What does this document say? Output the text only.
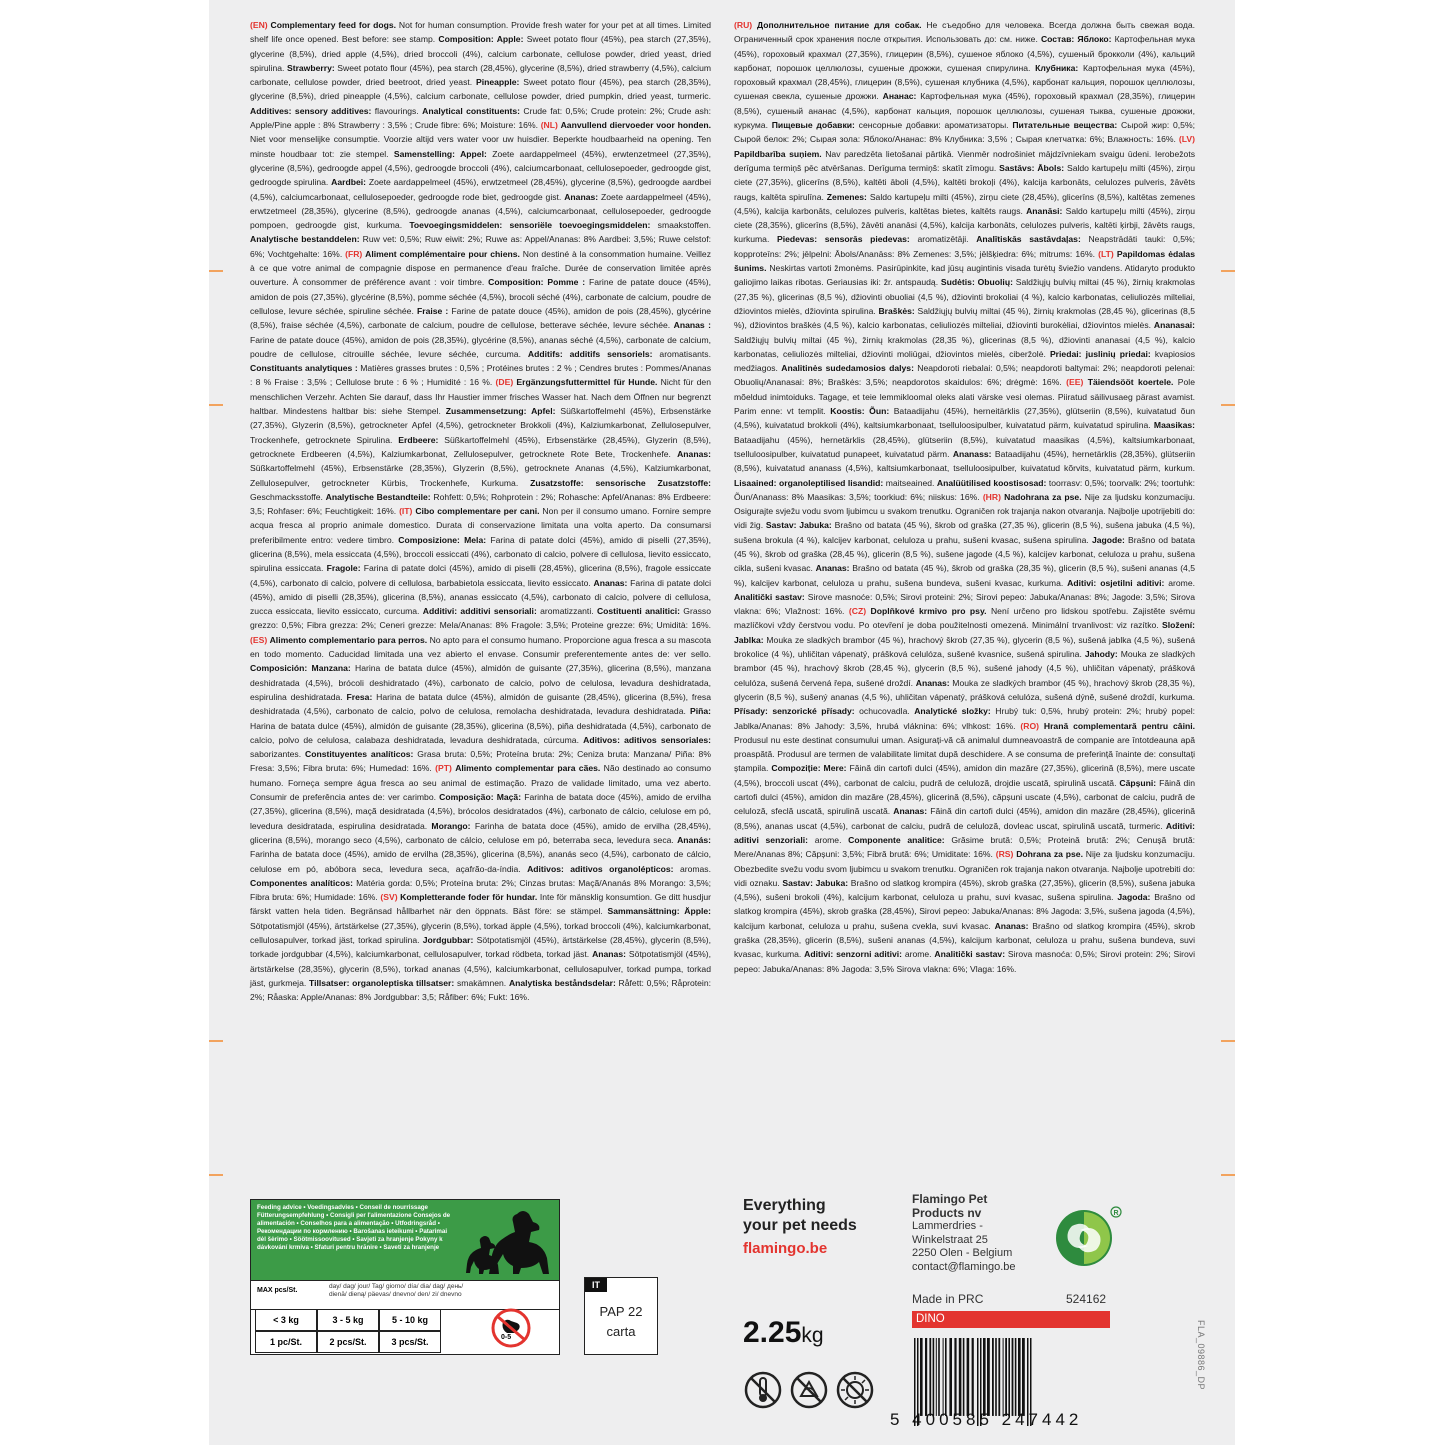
(EN) Complementary feed for dogs. Not for human consumption. Provide fresh water for your pet at all times. Limited shelf life once opened. Best before: see stamp. Composition: Apple: Sweet potato flour (45%), pea starch (27,35%), glycerine (8,5%), dried apple (4,5%), dried broccoli (4%), calcium carbonate, cellulose powder, dried yeast, dried spirulina. Strawberry: Sweet potato flour (45%), pea starch (28,45%), glycerine (8,5%), dried strawberry (4,5%), calcium carbonate, cellulose powder, dried beetroot, dried yeast. Pineapple: Sweet potato flour (45%), pea starch (28,35%), glycerine (8,5%), dried pineapple (4,5%), calcium carbonate, cellulose powder, dried pumpkin, dried yeast, turmeric. Additives: sensory additives: flavourings. Analytical constituents: Crude fat: 0,5%; Crude protein: 2%; Crude ash: Apple/Pine apple : 8% Strawberry : 3,5% ; Crude fibre: 6%; Moisture: 16%. (NL) Aanvullend diervoeder voor honden. Niet voor menselijke consumptie. Voorzie altijd vers water voor uw huisdier. Beperkte houdbaarheid na opening. Ten minste houdbaar tot: zie stempel. Samenstelling: Appel: Zoete aardappelmeel (45%), erwtenzetmeel (27,35%), glycerine (8,5%), gedroogde appel (4,5%), gedroogde broccoli (4%), calciumcarbonaat, cellulosepoeder, gedroogde gist, gedroogde spirulina. Aardbei: Zoete aardappelmeel (45%), erwtzetmeel (28,45%), glycerine (8,5%), gedroogde aardbei (4,5%), calciumcarbonaat, cellulosepoeder, gedroogde rode biet, gedroogde gist. Ananas: Zoete aardappelmeel (45%), erwtzetmeel (28,35%), glycerine (8,5%), gedroogde ananas (4,5%), calciumcarbonaat, cellulosepoeder, gedroogde pompoen, gedroogde gist, kurkuma. Toevoegingsmiddelen: sensoriële toevoegingsmiddelen: smaakstoffen. Analytische bestanddelen: Ruw vet: 0,5%; Ruw eiwit: 2%; Ruwe as: Appel/Ananas: 8% Aardbei: 3,5%; Ruwe celstof: 6%; Vochtgehalte: 16%. (FR) Aliment complémentaire pour chiens. Non destiné à la consommation humaine. Veillez à ce que votre animal de compagnie dispose en permanence d'eau fraîche. Durée de conservation limitée après ouverture. À consommer de préférence avant : voir timbre. Composition: Pomme : Farine de patate douce (45%), amidon de pois (27,35%), glycérine (8,5%), pomme séchée (4,5%), brocoli séché (4%), carbonate de calcium, poudre de cellulose, levure séchée, spiruline séchée. Fraise : Farine de patate douce (45%), amidon de pois (28,45%), glycérine (8,5%), fraise séchée (4,5%), carbonate de calcium, poudre de cellulose, betterave séchée, levure séchée. Ananas : Farine de patate douce (45%), amidon de pois (28,35%), glycérine (8,5%), ananas séché (4,5%), carbonate de calcium, poudre de cellulose, citrouille séchée, levure séchée, curcuma. Additifs: additifs sensoriels: aromatisants. Constituants analytiques : Matières grasses brutes : 0,5% ; Protéines brutes : 2 % ; Cendres brutes : Pommes/Ananas : 8 % Fraise : 3,5% ; Cellulose brute : 6 % ; Humidité : 16 %. (DE) Ergänzungsfuttermittel für Hunde. Nicht für den menschlichen Verzehr. Achten Sie darauf, dass Ihr Haustier immer frisches Wasser hat. Nach dem Öffnen nur begrenzt haltbar. Mindestens haltbar bis: siehe Stempel. Zusammensetzung: Apfel: Süßkartoffelmehl (45%), Erbsenstärke (27,35%), Glyzerin (8,5%), getrockneter Apfel (4,5%), getrockneter Brokkoli (4%), Kalziumkarbonat, Zellulosepulver, Trockenhefe, getrocknete Spirulina. Erdbeere: Süßkartoffelmehl (45%), Erbsenstärke (28,45%), Glyzerin (8,5%), getrocknete Erdbeeren (4,5%), Kalziumkarbonat, Zellulosepulver, getrocknete Rote Bete, Trockenhefe. Ananas: Süßkartoffelmehl (45%), Erbsenstärke (28,35%), Glyzerin (8,5%), getrocknete Ananas (4,5%), Kalziumkarbonat, Zellulosepulver, getrockneter Kürbis, Trockenhefe, Kurkuma. Zusatzstoffe: sensorische Zusatzstoffe: Geschmacksstoffe. Analytische Bestandteile: Rohfett: 0,5%; Rohprotein : 2%; Rohasche: Apfel/Ananas: 8% Erdbeere: 3,5; Rohfaser: 6%; Feuchtigkeit: 16%. (IT) Cibo complementare per cani. Non per il consumo umano. Fornire sempre acqua fresca al proprio animale domestico. Durata di conservazione limitata una volta aperto. Da consumarsi preferibilmente entro: vedere timbro. Composizione: Mela: Farina di patate dolci (45%), amido di piselli (27,35%), glicerina (8,5%), mela essiccata (4,5%), broccoli essiccati (4%), carbonato di calcio, polvere di cellulosa, lievito essiccato, spirulina essiccata. Fragole: Farina di patate dolci (45%), amido di piselli (28,45%), glicerina (8,5%), fragole essiccate (4,5%), carbonato di calcio, polvere di cellulosa, barbabietola essiccata, lievito essiccato. Ananas: Farina di patate dolci (45%), amido di piselli (28,35%), glicerina (8,5%), ananas essiccato (4,5%), carbonato di calcio, polvere di cellulosa, zucca essiccata, lievito essiccato, curcuma. Additivi: additivi sensoriali: aromatizzanti. Costituenti analitici: Grasso grezzo: 0,5%; Fibra grezza: 2%; Ceneri grezze: Mela/Ananas: 8% Fragole: 3,5%; Proteine grezze: 6%; Umidità: 16%. (ES) Alimento complementario para perros. No apto para el consumo humano. Proporcione agua fresca a su mascota en todo momento. Caducidad limitada una vez abierto el envase. Consumir preferentemente antes de: ver sello. Composición: Manzana: Harina de batata dulce (45%), almidón de guisante (27,35%), glicerina (8,5%), manzana deshidratada (4,5%), brócoli deshidratado (4%), carbonato de calcio, polvo de celulosa, levadura deshidratada, espirulina deshidratada. Fresa: Harina de batata dulce (45%), almidón de guisante (28,45%), glicerina (8,5%), fresa deshidratada (4,5%), carbonato de calcio, polvo de celulosa, remolacha deshidratada, levadura deshidratada. Piña: Harina de batata dulce (45%), almidón de guisante (28,35%), glicerina (8,5%), piña deshidratada (4,5%), carbonato de calcio, polvo de celulosa, calabaza deshidratada, levadura deshidratada, cúrcuma. Aditivos: aditivos sensoriales: saborizantes. Constituyentes analíticos: Grasa bruta: 0,5%; Proteína bruta: 2%; Ceniza bruta: Manzana/ Piña: 8% Fresa: 3,5%; Fibra bruta: 6%; Humedad: 16%. (PT) Alimento complementar para cães. Não destinado ao consumo humano. Forneça sempre água fresca ao seu animal de estimação. Prazo de validade limitado, uma vez aberto. Consumir de preferência antes de: ver carimbo. Composição: Maçã: Farinha de batata doce (45%), amido de ervilha (27,35%), glicerina (8,5%), maçã desidratada (4,5%), brócolos desidratados (4%), carbonato de cálcio, celulose em pó, levedura desidratada, espirulina desidratada. Morango: Farinha de batata doce (45%), amido de ervilha (28,45%), glicerina (8,5%), morango seco (4,5%), carbonato de cálcio, celulose em pó, beterraba seca, levedura seca. Ananás: Farinha de batata doce (45%), amido de ervilha (28,35%), glicerina (8,5%), ananás seco (4,5%), carbonato de cálcio, celulose em pó, abóbora seca, levedura seca, açafrão-da-índia. Aditivos: aditivos organolépticos: aromas. Componentes analíticos: Matéria gorda: 0,5%; Proteína bruta: 2%; Cinzas brutas: Maçã/Ananás 8% Morango: 3,5%; Fibra bruta: 6%; Humidade: 16%. (SV) Kompletterande foder för hundar. Inte för mänsklig konsumtion. Ge ditt husdjur färskt vatten hela tiden. Begränsad hållbarhet när den öppnats. Bäst före: se stämpel. Sammansättning: Äpple: Sötpotatismjöl (45%), ärtstärkelse (27,35%), glycerin (8,5%), torkad äpple (4,5%), torkad broccoli (4%), kalciumkarbonat, cellulosapulver, torkad jäst, torkad spirulina. Jordgubbar: Sötpotatismjöl (45%), ärtstärkelse (28,45%), glycerin (8,5%), torkade jordgubbar (4,5%), kalciumkarbonat, cellulosapulver, torkad rödbeta, torkad jäst. Ananas: Sötpotatismjöl (45%), ärtstärkelse (28,35%), glycerin (8,5%), torkad ananas (4,5%), kalciumkarbonat, cellulosapulver, torkad pumpa, torkad jäst, gurkmeja. Tillsatser: organoleptiska tillsatser: smakämnen. Analytiska beståndsdelar: Råfett: 0,5%; Råprotein: 2%; Råaska: Apple/Ananas: 8% Jordgubbar: 3,5; Råfiber: 6%; Fukt: 16%.

(RU) Дополнительное питание для собак. Не съедобно для человека. Всегда должна быть свежая вода. Ограниченный срок хранения после открытия. Использовать до: см. ниже. Состав: Яблоко: Картофельная мука (45%), гороховый крахмал (27,35%), глицерин (8,5%), сушеное яблоко (4,5%), сушеный брокколи (4%), кальций карбонат, порошок целлюлозы, сушеные дрожжи, сушеная спирулина. Клубника: Картофельная мука (45%), гороховый крахмал (28,45%), глицерин (8,5%), сушеная клубника (4,5%), карбонат кальция, порошок целлюлозы, сушеная свекла, сушеные дрожжи. Ананас: Картофельная мука (45%), гороховый крахмал (28,35%), глицерин (8,5%), сушеный ананас (4,5%), карбонат кальция, порошок целлюлозы, сушеная тыква, сушеные дрожжи, куркума. Пищевые добавки: сенсорные добавки: ароматизаторы. Питательные вещества: Сырой жир: 0,5%; Сырой белок: 2%; Сырая зола: Яблоко/Ананас: 8% Клубника: 3,5% ; Сырая клетчатка: 6%; Влажность: 16%. (LV) Papildbarība suņiem. Nav paredzēta lietošanai pārtikā. Vienmēr nodrošiniet mājdzīvniekam svaigu ūdeni. Ierobežots derīguma termiņš pēc atvēršanas. Derīguma termiņš: skatīt zīmogu. Sastāvs: Ābols: Saldo kartupeļu milti (45%), zirņu ciete (27,35%), glicerīns (8,5%), kaltēti āboli (4,5%), kaltēti brokoļi (4%), kalcija karbonāts, celulozes pulveris, žāvēts raugs, kaltēta spirulīna. Zemenes: Saldo kartupeļu milti (45%), zirņu ciete (28,45%), glicerīns (8,5%), kaltētas zemenes (4,5%), kalcija karbonāts, celulozes pulveris, kaltētas bietes, kaltēts raugs. Ananāsi: Saldo kartupeļu milti (45%), zirņu ciete (28,35%), glicerīns (8,5%), žāvēti ananāsi (4,5%), kalcija karbonāts, celulozes pulveris, kaltēti ķirbji, žāvēts raugs, kurkuma. Piedevas: sensorās piedevas: aromatizētāji. Analītiskās sastāvdaļas: Neapstrādāti tauki: 0,5%; kopproteīns: 2%; jēlpelni: Ābols/Ananāss: 8% Zemenes: 3,5%; jēlšķiedra: 6%; mitrums: 16%. (LT) Papildomas ėdalas šunims. Neskirtas vartoti žmonėms. Pasirūpinkite, kad jūsų augintinis visada turėtų šviežio vandens. Atidaryto produkto galiojimo laikas ribotas. Geriausias iki: žr. antspaudą. Sudėtis: Obuolių: Saldžiųjų bulvių miltai (45 %), žirnių krakmolas (27,35 %), glicerinas (8,5 %), džiovinti obuoliai (4,5 %), džiovinti brokoliai (4 %), kalcio karbonatas, celiuliozės milteliai, džiovintos mielės, džiovinta spirulina. Braškės: Saldžiųjų bulvių miltai (45 %), žirnių krakmolas (28,45 %), glicerinas (8,5 %), džiovintos braškės (4,5 %), kalcio karbonatas, celiuliozės milteliai, džiovinti burokėliai, džiovintos mielės. Ananasai: Saldžiųjų bulvių miltai (45 %), žirnių krakmolas (28,35 %), glicerinas (8,5 %), džiovinti ananasai (4,5 %), kalcio karbonatas, celiuliozės milteliai, džiovinti moliūgai, džiovintos mielės, ciberžolė. Priedai: juslinių priedai: kvapiosios medžiagos. Analitinės sudedamosios dalys: Neapdoroti riebalai: 0,5%; neapdoroti baltymai: 2%; neapdoroti pelenai: Obuolių/Ananasai: 8%; Braškės: 3,5%; neapdorotos skaidulos: 6%; drėgmė: 16%. (EE) Täiendsööt koertele. Pole mõeldud inimtoiduks. Tagage, et teie lemmikloomal oleks alati värske vesi olemas. Piiratud säilivusaeg pärast avamist. Parim enne: vt templit. Koostis: Õun: Bataadijahu (45%), herneitärklis (27,35%), glütseriin (8,5%), kuivatatud õun (4,5%), kuivatatud brokkoli (4%), kaltsiumkarbonaat, tselluloosipulber, kuivatatud pärm, kuivatatud spirulina. Maasikas: Bataadijahu (45%), hernetärklis (28,45%), glütseriin (8,5%), kuivatatud maasikas (4,5%), kaltsiumkarbonaat, tselluloosipulber, kuivatatud punapeet, kuivatatud pärm. Ananass: Bataadijahu (45%), hernetärklis (28,35%), glütseriin (8,5%), kuivatatud ananass (4,5%), kaltsiumkarbonaat, tselluloosipulber, kuivatatud kõrvits, kuivatatud pärm, kurkum. Lisaained: organoleptilised lisandid: maitseained. Analüütilised koostisosad: toorrasv: 0,5%; toorvalk: 2%; toortuhk: Õun/Ananass: 8% Maasikas: 3,5%; toorkiud: 6%; niiskus: 16%. (HR) Nadohrana za pse. Nije za ljudsku konzumaciju. Osigurajte svježu vodu svom ljubimcu u svakom trenutku. Ograničen rok trajanja nakon otvaranja. Najbolje upotrijebiti do: vidi žig. Sastav: Jabuka: Brašno od batata (45 %), škrob od graška (27,35 %), glicerin (8,5 %), sušena jabuka (4,5 %), sušena brokula (4 %), kalcijev karbonat, celuloza u prahu, sušeni kvasac, sušena spirulina. Jagode: Brašno od batata (45 %), škrob od graška (28,45 %), glicerin (8,5 %), sušene jagode (4,5 %), kalcijev karbonat, celuloza u prahu, sušena cikla, sušeni kvasac. Ananas: Brašno od batata (45 %), škrob od graška (28,35 %), glicerin (8,5 %), sušeni ananas (4,5 %), kalcijev karbonat, celuloza u prahu, sušena bundeva, sušeni kvasac, kurkuma. Aditivi: osjetilni aditivi: arome. Analitički sastav: Sirove masnoće: 0,5%; Sirovi proteini: 2%; Sirovi pepeo: Jabuka/Ananas: 8%; Jagode: 3,5%; Sirova vlakna: 6%; Vlažnost: 16%. (CZ) Doplňkové krmivo pro psy. Není určeno pro lidskou spotřebu. Zajistěte svému mazlíčkovi vždy čerstvou vodu. Po otevření je doba použitelnosti omezená. Minimální trvanlivost: viz razítko. Složení: Jablka: Mouka ze sladkých brambor (45 %), hrachový škrob (27,35 %), glycerin (8,5 %), sušená jablka (4,5 %), sušená brokolice (4 %), uhličitan vápenatý, prášková celulóza, sušené kvasnice, sušená spirulina. Jahody: Mouka ze sladkých brambor (45 %), hrachový škrob (28,45 %), glycerin (8,5 %), sušené jahody (4,5 %), uhličitan vápenatý, prášková celulóza, sušená červená řepa, sušené droždí. Ananas: Mouka ze sladkých brambor (45 %), hrachový škrob (28,35 %), glycerin (8,5 %), sušený ananas (4,5 %), uhličitan vápenatý, prášková celulóza, sušená dýně, sušené droždí, kurkuma. Přísady: senzorické přísady: ochucovadla. Analytické složky: Hrubý tuk: 0,5%, hrubý protein: 2%; hrubý popel: Jablka/Ananas: 8% Jahody: 3,5%, hrubá vláknina: 6%; vlhkost: 16%. (RO) Hrană complementară pentru câini. Produsul nu este destinat consumului uman. Asigurați-vă că animalul dumneavoastră de companie are întotdeauna apă proaspătă. Produsul are termen de valabilitate limitat după deschidere. A se consuma de preferință înainte de: consultați ștampila. Compoziție: Mere: Făină din cartofi dulci (45%), amidon din mazăre (27,35%), glicerină (8,5%), mere uscate (4,5%), broccoli uscat (4%), carbonat de calciu, pudră de celuloză, drojdie uscată, spirulină uscată. Căpșuni: Făină din cartofi dulci (45%), amidon din mazăre (28,45%), glicerină (8,5%), căpșuni uscate (4,5%), carbonat de calciu, pudră de celuloză, sfeclă uscată, spirulină uscată. Ananas: Făină din cartofi dulci (45%), amidon din mazăre (28,45%), glicerină (8,5%), ananas uscat (4,5%), carbonat de calciu, pudră de celuloză, dovleac uscat, spirulină uscată, turmeric. Aditivi: aditivi senzoriali: arome. Componente analitice: Grăsime brută: 0,5%; Proteină brută: 2%; Cenușă brută: Mere/Ananas 8%; Căpșuni: 3,5%; Fibră brută: 6%; Umiditate: 16%. (RS) Dohrana za pse. Nije za ljudsku konzumaciju. Obezbedite svežu vodu svom ljubimcu u svakom trenutku. Ograničen rok trajanja nakon otvaranja. Najbolje upotrebiti do: vidi oznaku. Sastav: Jabuka: Brašno od slatkog krompira (45%), skrob graška (27,35%), glicerin (8,5%), sušena jabuka (4,5%), sušeni brokoli (4%), kalcijum karbonat, celuloza u prahu, suvi kvasac, sušena spirulina. Jagoda: Brašno od slatkog krompira (45%), skrob graška (28,45%), Sirovi pepeo: Jabuka/Ananas: 8% Jagoda: 3,5%, sušena jagoda (4,5%), kalcijum karbonat, celuloza u prahu, sušena cvekla, suvi kvasac. Ananas: Brašno od slatkog krompira (45%), skrob graška (28,35%), glicerin (8,5%), sušeni ananas (4,5%), kalcijum karbonat, celuloza u prahu, sušena bundeva, suvi kvasac, kurkuma. Aditivi: senzorni aditivi: arome. Analitički sastav: Sirova masnoća: 0,5%; Sirovi protein: 2%; Sirovi pepeo: Jabuka/Ananas: 8% Jagoda: 3,5% Sirova vlakna: 6%; Vlaga: 16%.

Feeding advice • Voedingsadvies • Conseil de nourrissage Fütterungsempfehlung • Consigli per l'alimentazione Consejos de alimentación • Conselhos para a alimentação • Utfodringsråd • Рекомендации по кормлению • Barošanas ieteikumi • Patarimai dėl šėrimo • Söötmissoovitused • Savjeti za hranjenje Pokyny k dávkování krmiva • Sfaturi pentru hrănire • Saveti za hranjenje
MAX pcs/St.
day/ dag/ jour/ Tag/ giorno/ día/ dia/ dag/ день/ dienā/ dieną/ päevas/ dnevno/ den/ zi/ dnevno
< 3 kg	3 - 5 kg	5 - 10 kg
1 pc/St.	2 pcs/St.	3 pcs/St.	0-5
IT
PAP 22
carta
Everything
your pet needs
flamingo.be
Flamingo Pet
Products nv
Lammerdries -
Winkelstraat 25
2250 Olen - Belgium
contact@flamingo.be
R
Made in PRC	524162
DINO
2.25kg
5 400585 247442
FLA_09886_DP
